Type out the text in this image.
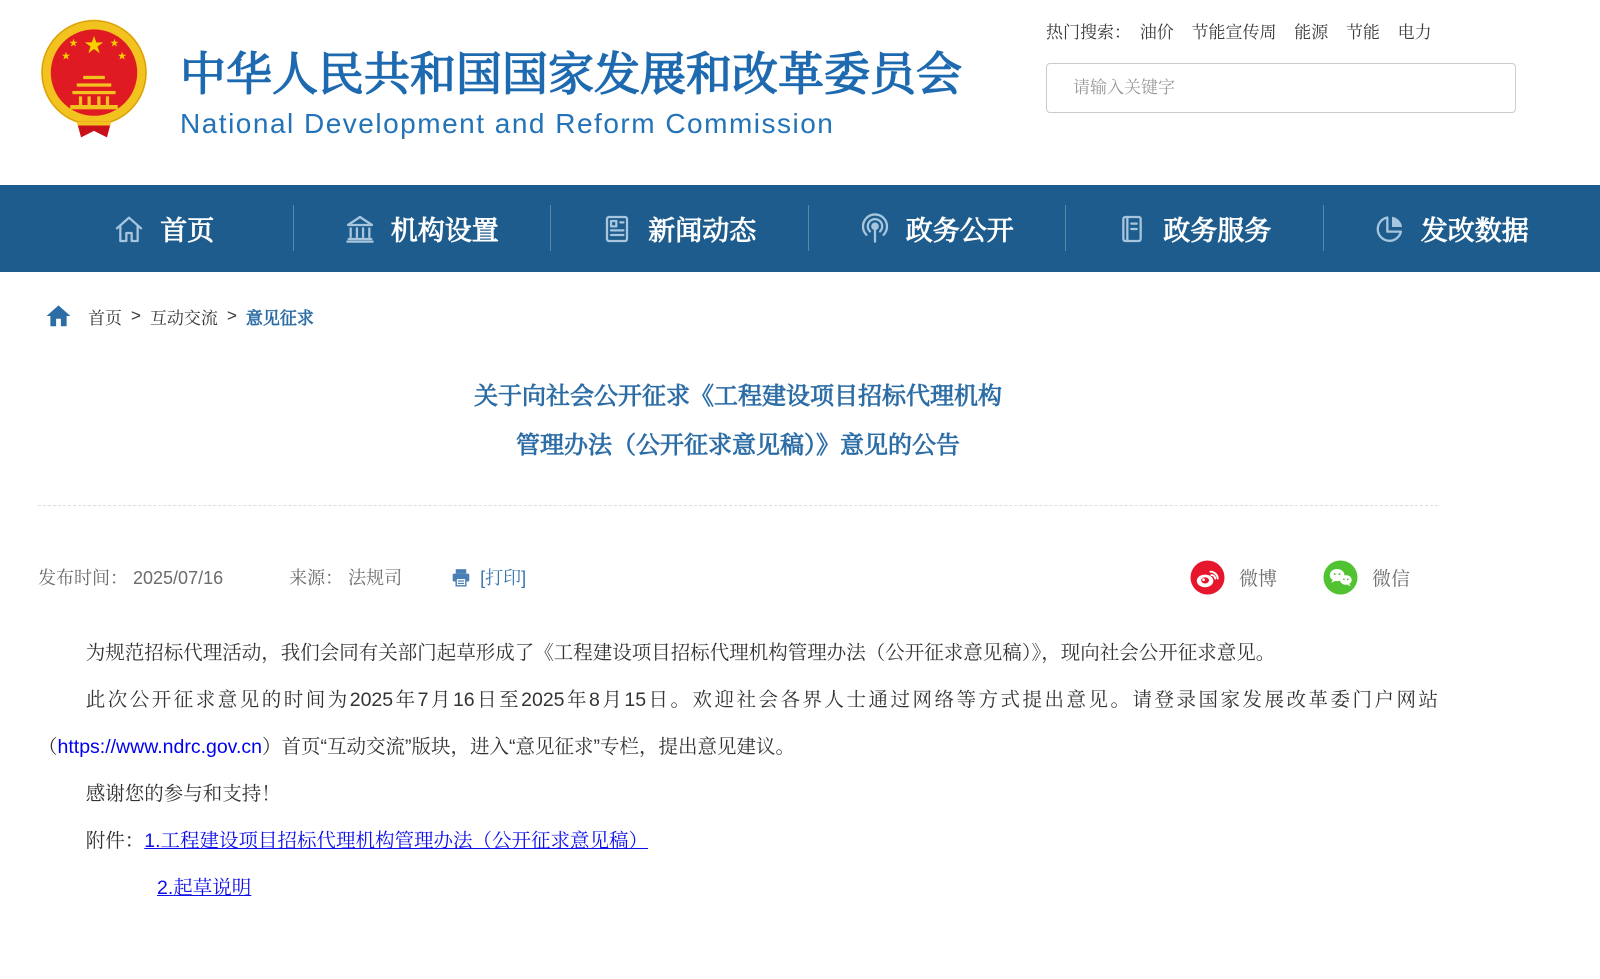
★
★
★
★
★ 中华人民共和国国家发展和改革委员会
National Development and Reform Commission
热门搜索： 油价 节能宣传周 能源 节能 电力
请输入关键字
首页	机构设置	新闻动态	政务公开	政务服务	发改数据
首页 > 互动交流 > 意见征求
关于向社会公开征求《工程建设项目招标代理机构
管理办法（公开征求意见稿）》意见的公告
发布时间： 2025/07/16	来源： 法规司	[打印]	微博	微信

为规范招标代理活动，我们会同有关部门起草形成了《工程建设项目招标代理机构管理办法（公开征求意见稿）》，现向社会公开征求意见。

此次公开征求意见的时间为2025年7月16日至2025年8月15日。欢迎社会各界人士通过网络等方式提出意见。请登录国家发展改革委门户网站（https://www.ndrc.gov.cn）首页“互动交流”版块，进入“意见征求”专栏，提出意见建议。

感谢您的参与和支持！

附件：1.工程建设项目招标代理机构管理办法（公开征求意见稿）

2.起草说明
